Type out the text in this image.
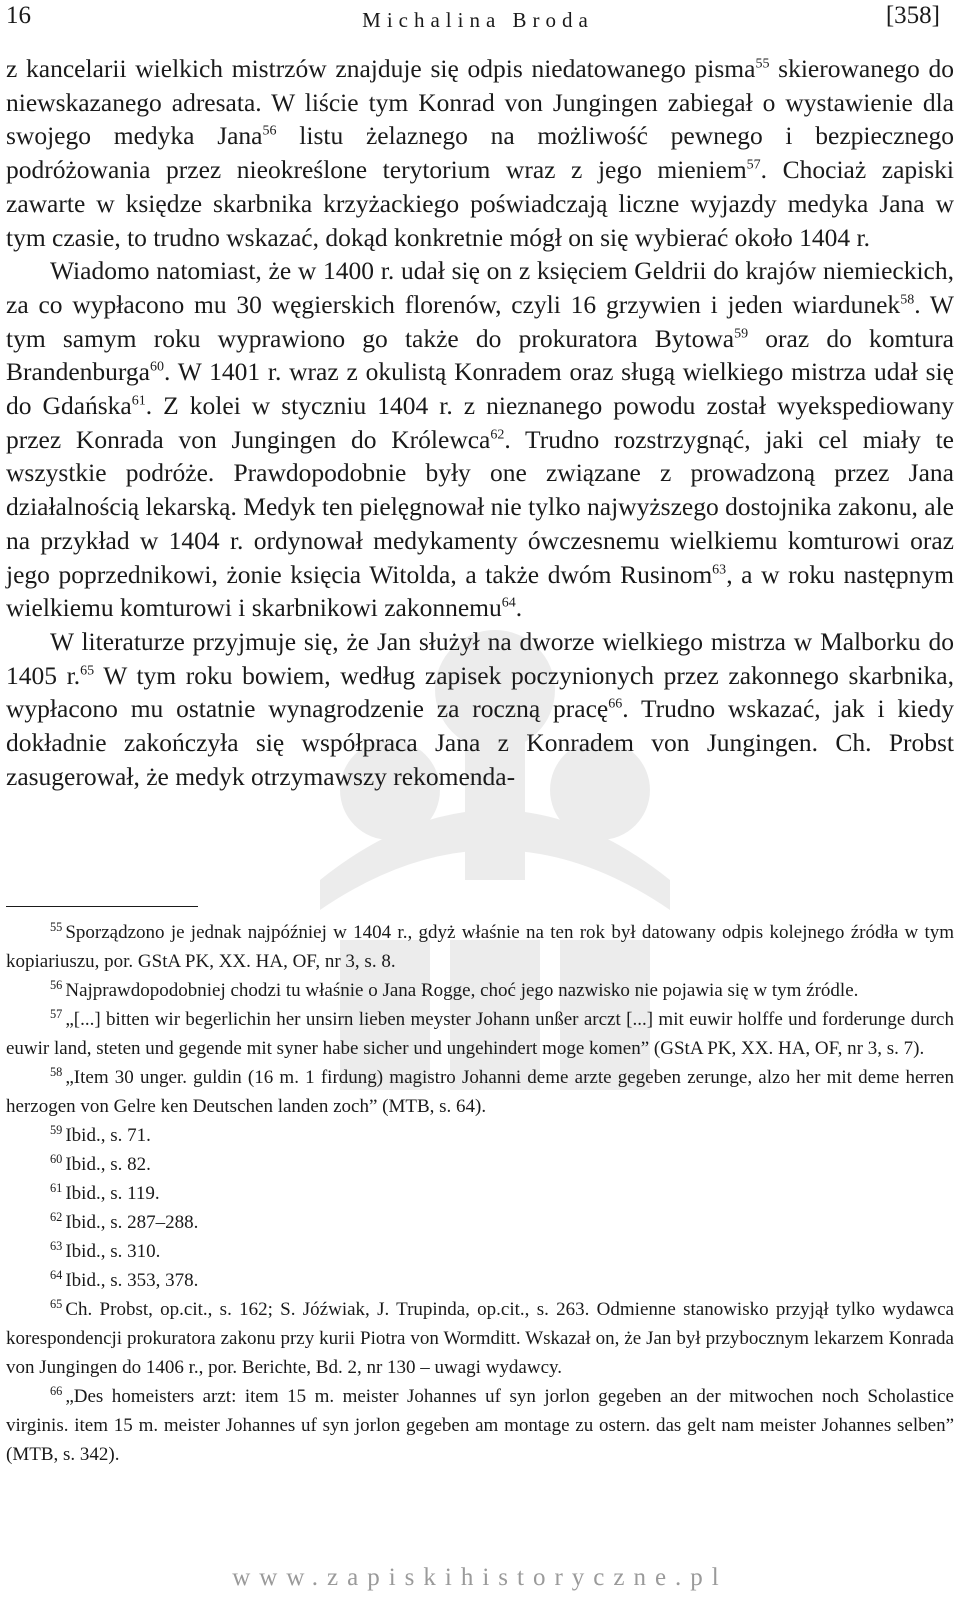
16	Michalina Broda	[358]

z kancelarii wielkich mistrzów znajduje się odpis niedatowanego pisma$^{55}$ skierowanego do niewskazanego adresata. W liście tym Konrad von Jungingen zabiegał o wystawienie dla swojego medyka Jana$^{56}$ listu żelaznego na możliwość pewnego i bezpiecznego podróżowania przez nieokreślone terytorium wraz z jego mieniem$^{57}$. Chociaż zapiski zawarte w księdze skarbnika krzyżackiego poświadczają liczne wyjazdy medyka Jana w tym czasie, to trudno wskazać, dokąd konkretnie mógł on się wybierać około 1404 r.

Wiadomo natomiast, że w 1400 r. udał się on z księciem Geldrii do krajów niemieckich, za co wypłacono mu 30 węgierskich florenów, czyli 16 grzywien i jeden wiardunek$^{58}$. W tym samym roku wyprawiono go także do prokuratora Bytowa$^{59}$ oraz do komtura Brandenburga$^{60}$. W 1401 r. wraz z okulistą Konradem oraz sługą wielkiego mistrza udał się do Gdańska$^{61}$. Z kolei w styczniu 1404 r. z nieznanego powodu został wyekspediowany przez Konrada von Jungingen do Królewca$^{62}$. Trudno rozstrzygnąć, jaki cel miały te wszystkie podróże. Prawdopodobnie były one związane z prowadzoną przez Jana działalnością lekarską. Medyk ten pielęgnował nie tylko najwyższego dostojnika zakonu, ale na przykład w 1404 r. ordynował medykamenty ówczesnemu wielkiemu komturowi oraz jego poprzednikowi, żonie księcia Witolda, a także dwóm Rusinom$^{63}$, a w roku następnym wielkiemu komturowi i skarbnikowi zakonnemu$^{64}$.

W literaturze przyjmuje się, że Jan służył na dworze wielkiego mistrza w Malborku do 1405 r.$^{65}$ W tym roku bowiem, według zapisek poczynionych przez zakonnego skarbnika, wypłacono mu ostatnie wynagrodzenie za roczną pracę$^{66}$. Trudno wskazać, jak i kiedy dokładnie zakończyła się współpraca Jana z Konradem von Jungingen. Ch. Probst zasugerował, że medyk otrzymawszy rekomenda-

$^{55}$ Sporządzono je jednak najpóźniej w 1404 r., gdyż właśnie na ten rok był datowany odpis kolejnego źródła w tym kopiariuszu, por. GStA PK, XX. HA, OF, nr 3, s. 8.

$^{56}$ Najprawdopodobniej chodzi tu właśnie o Jana Rogge, choć jego nazwisko nie pojawia się w tym źródle.

$^{57}$ „[...] bitten wir begerlichin her unsirn lieben meyster Johann unßer arczt [...] mit euwir holffe und forderunge durch euwir land, steten und gegende mit syner habe sicher und ungehindert moge komen” (GStA PK, XX. HA, OF, nr 3, s. 7).

$^{58}$ „Item 30 unger. guldin (16 m. 1 firdung) magistro Johanni deme arzte gegeben zerunge, alzo her mit deme herren herzogen von Gelre ken Deutschen landen zoch” (MTB, s. 64).

$^{59}$ Ibid., s. 71.

$^{60}$ Ibid., s. 82.

$^{61}$ Ibid., s. 119.

$^{62}$ Ibid., s. 287–288.

$^{63}$ Ibid., s. 310.

$^{64}$ Ibid., s. 353, 378.

$^{65}$ Ch. Probst, op.cit., s. 162; S. Jóźwiak, J. Trupinda, op.cit., s. 263. Odmienne stanowisko przyjął tylko wydawca korespondencji prokuratora zakonu przy kurii Piotra von Wormditt. Wskazał on, że Jan był przybocznym lekarzem Konrada von Jungingen do 1406 r., por. Berichte, Bd. 2, nr 130 – uwagi wydawcy.

$^{66}$ „Des homeisters arzt: item 15 m. meister Johannes uf syn jorlon gegeben an der mitwochen noch Scholastice virginis. item 15 m. meister Johannes uf syn jorlon gegeben am montage zu ostern. das gelt nam meister Johannes selben” (MTB, s. 342).

www.zapiskihistoryczne.pl
